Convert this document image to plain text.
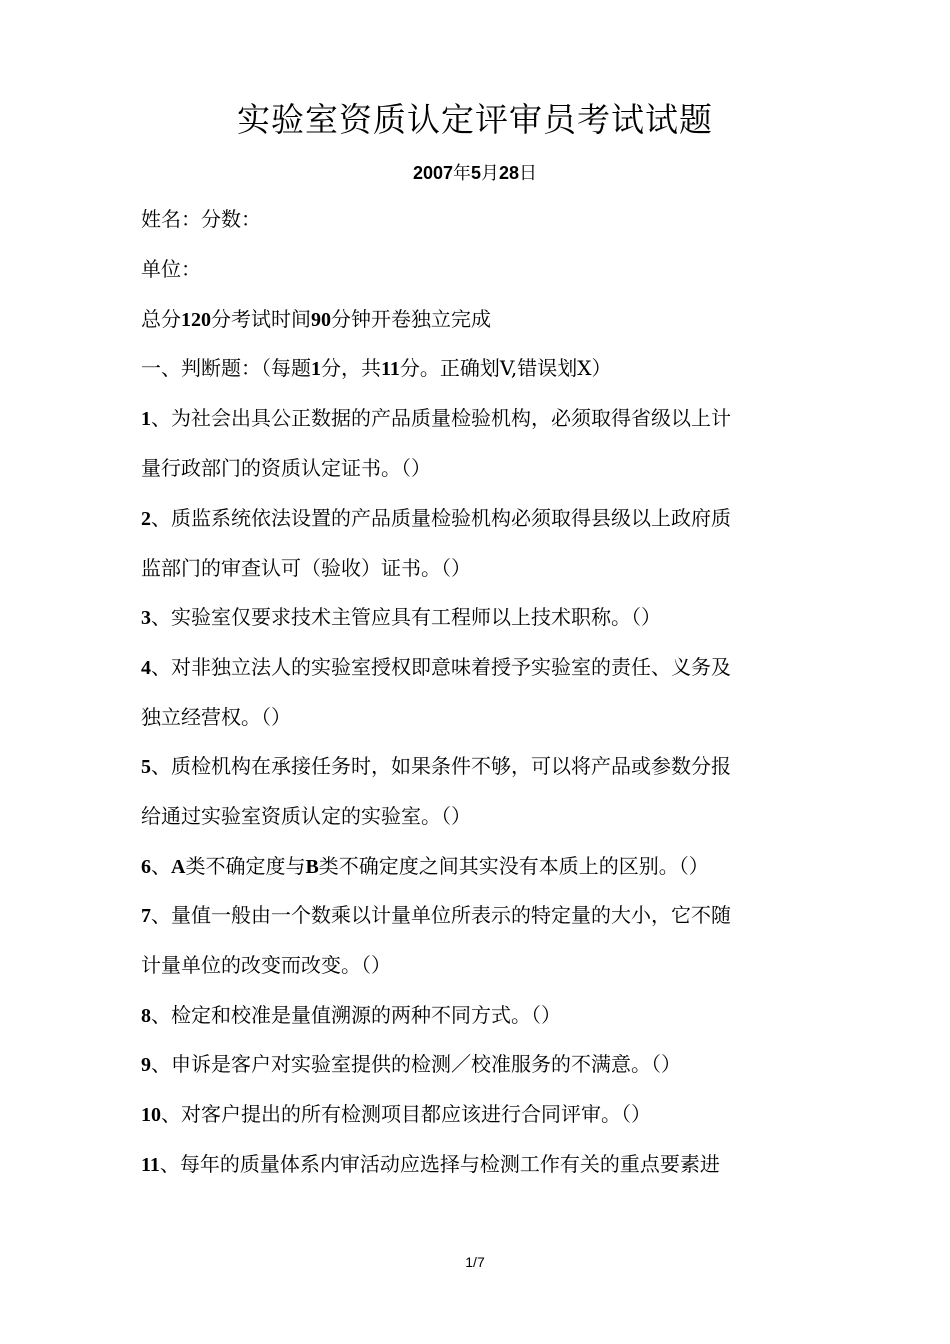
实验室资质认定评审员考试试题
2007年5月28日
姓名：分数：
单位：
总分120分考试时间90分钟开卷独立完成
一、判断题：（每题1分，共11分。正确划V,错误划X）
1、为社会出具公正数据的产品质量检验机构，必须取得省级以上计
量行政部门的资质认定证书。（）
2、质监系统依法设置的产品质量检验机构必须取得县级以上政府质
监部门的审查认可（验收）证书。（）
3、实验室仅要求技术主管应具有工程师以上技术职称。（）
4、对非独立法人的实验室授权即意味着授予实验室的责任、义务及
独立经营权。（）
5、质检机构在承接任务时，如果条件不够，可以将产品或参数分报
给通过实验室资质认定的实验室。（）
6、A类不确定度与B类不确定度之间其实没有本质上的区别。（）
7、量值一般由一个数乘以计量单位所表示的特定量的大小，它不随
计量单位的改变而改变。（）
8、检定和校准是量值溯源的两种不同方式。（）
9、申诉是客户对实验室提供的检测／校准服务的不满意。（）
10、对客户提出的所有检测项目都应该进行合同评审。（）
11、每年的质量体系内审活动应选择与检测工作有关的重点要素进
1/7
